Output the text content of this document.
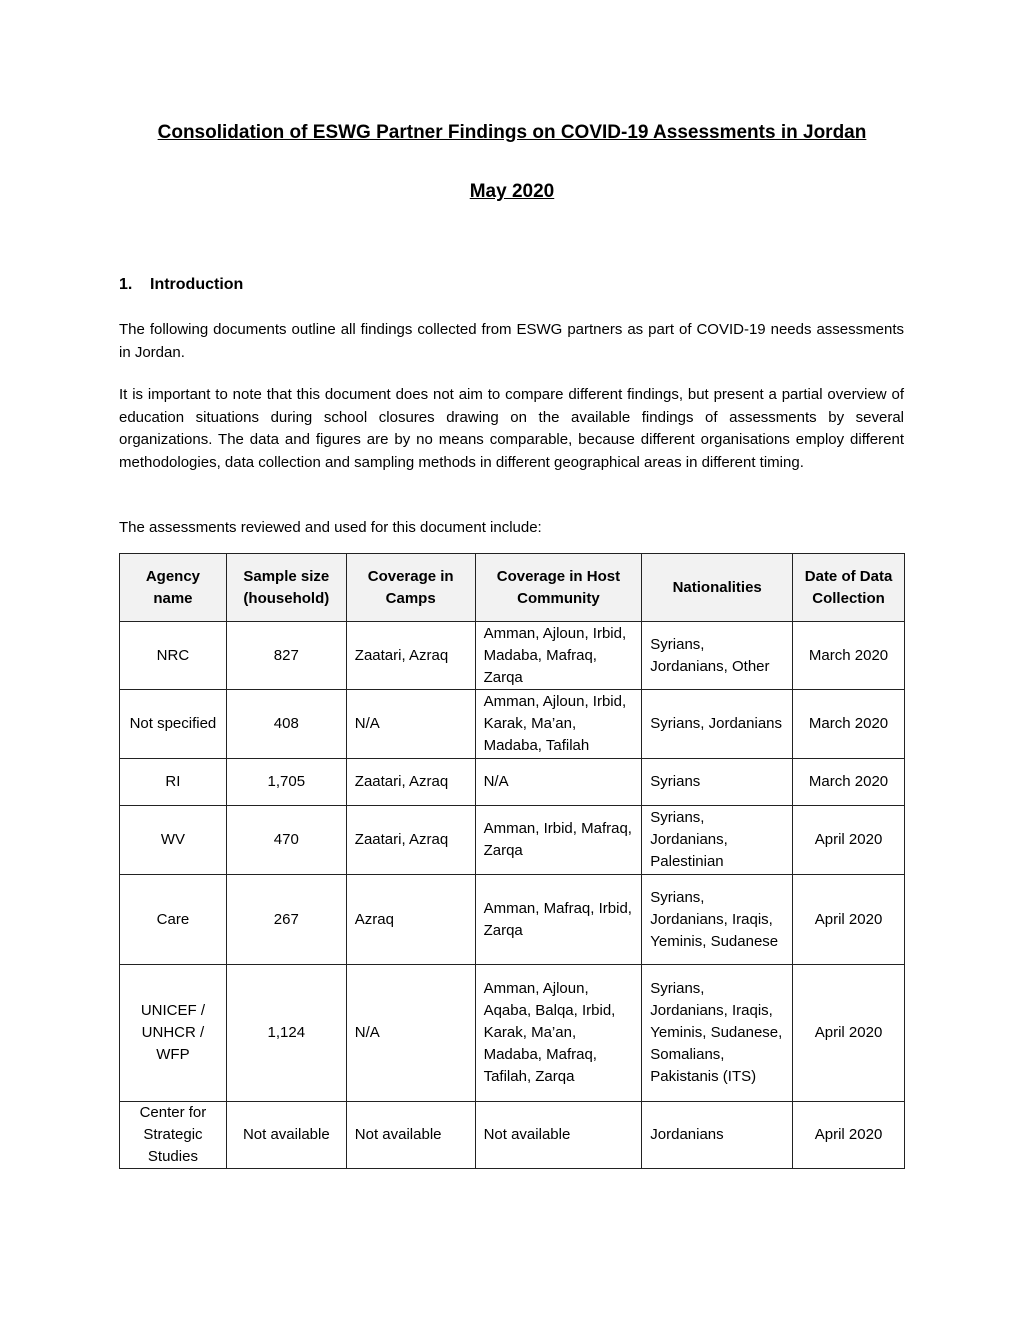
Consolidation of ESWG Partner Findings on COVID-19 Assessments in Jordan
May 2020
1. Introduction

The following documents outline all findings collected from ESWG partners as part of COVID-19 needs assessments in Jordan.

It is important to note that this document does not aim to compare different findings, but present a partial overview of education situations during school closures drawing on the available findings of assessments by several organizations. The data and figures are by no means comparable, because different organisations employ different methodologies, data collection and sampling methods in different geographical areas in different timing.

The assessments reviewed and used for this document include:

Agency name	Sample size (household)	Coverage in Camps	Coverage in Host Community	Nationalities	Date of Data Collection
NRC	827	Zaatari, Azraq	Amman, Ajloun, Irbid, Madaba, Mafraq, Zarqa	Syrians, Jordanians, Other	March 2020
Not specified	408	N/A	Amman, Ajloun, Irbid, Karak, Ma’an, Madaba, Tafilah	Syrians, Jordanians	March 2020
RI	1,705	Zaatari, Azraq	N/A	Syrians	March 2020
WV	470	Zaatari, Azraq	Amman, Irbid, Mafraq, Zarqa	Syrians, Jordanians, Palestinian	April 2020
Care	267	Azraq	Amman, Mafraq, Irbid, Zarqa	Syrians, Jordanians, Iraqis, Yeminis, Sudanese	April 2020
UNICEF / UNHCR / WFP	1,124	N/A	Amman, Ajloun, Aqaba, Balqa, Irbid, Karak, Ma’an, Madaba, Mafraq, Tafilah, Zarqa	Syrians, Jordanians, Iraqis, Yeminis, Sudanese, Somalians, Pakistanis (ITS)	April 2020
Center for Strategic Studies	Not available	Not available	Not available	Jordanians	April 2020
